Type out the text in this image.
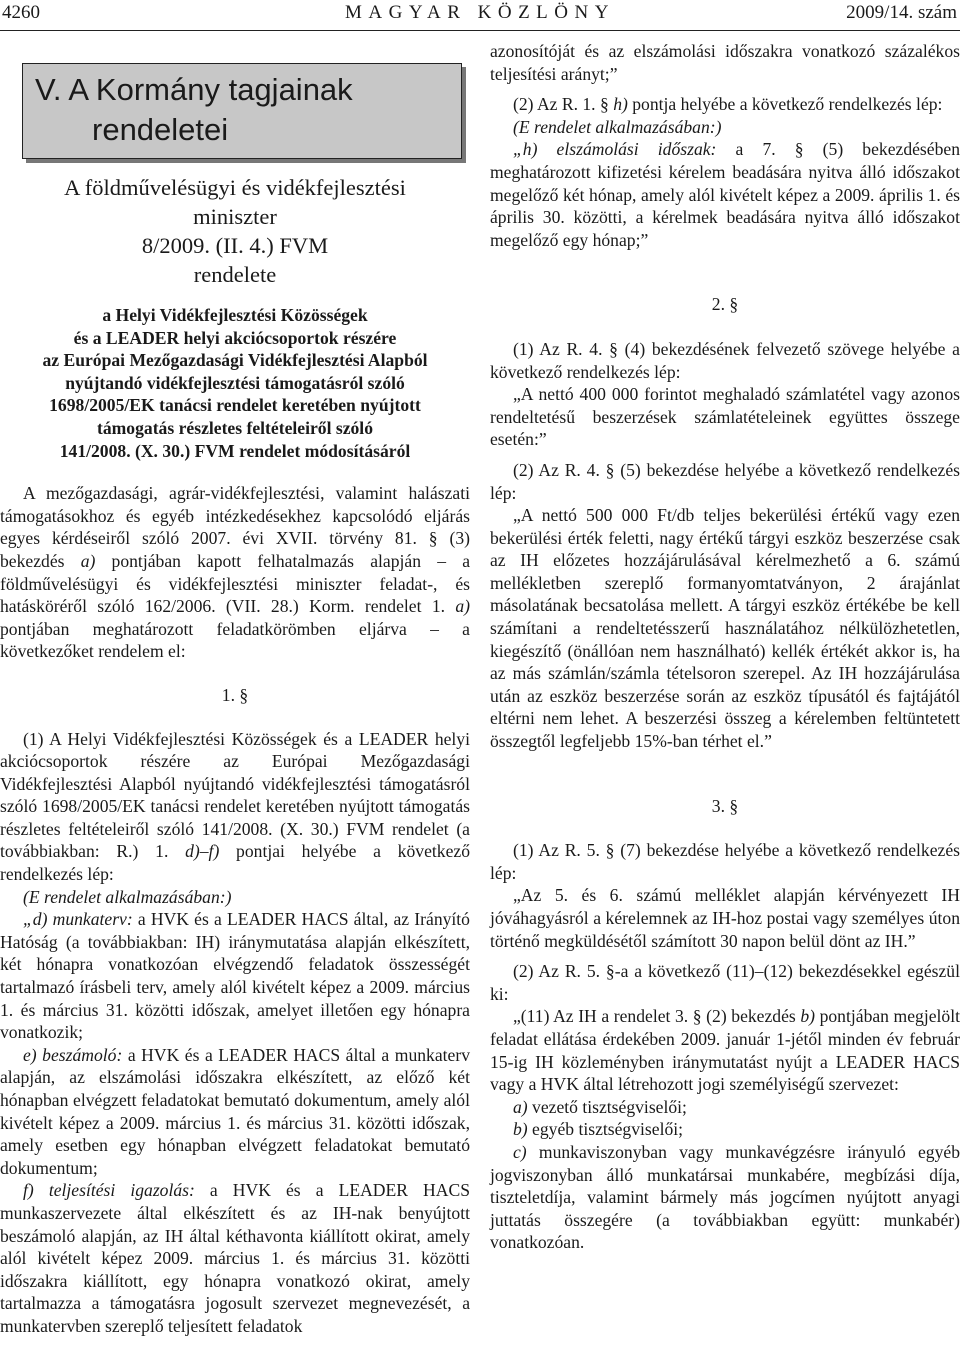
4260	MAGYAR KÖZLÖNY	2009/14. szám
V. A Kormány tagjainak
rendeletei
A földművelésügyi és vidékfejlesztési
miniszter
8/2009. (II. 4.) FVM
rendelete
a Helyi Vidékfejlesztési Közösségek
és a LEADER helyi akciócsoportok részére
az Európai Mezőgazdasági Vidékfejlesztési Alapból
nyújtandó vidékfejlesztési támogatásról szóló
1698/2005/EK tanácsi rendelet keretében nyújtott
támogatás részletes feltételeiről szóló
141/2008. (X. 30.) FVM rendelet módosításáról

A mezőgazdasági, agrár-vidékfejlesztési, valamint halászati támogatásokhoz és egyéb intézkedésekhez kapcsolódó eljárás egyes kérdéseiről szóló 2007. évi XVII. törvény 81. § (3) bekezdés a) pontjában kapott felhatalmazás alapján – a földművelésügyi és vidékfejlesztési miniszter feladat-, és hatásköréről szóló 162/2006. (VII. 28.) Korm. rendelet 1. a) pontjában meghatározott feladatkörömben eljárva – a következőket rendelem el:

1. §

(1) A Helyi Vidékfejlesztési Közösségek és a LEADER helyi akciócsoportok részére az Európai Mezőgazdasági Vidékfejlesztési Alapból nyújtandó vidékfejlesztési támogatásról szóló 1698/2005/EK tanácsi rendelet keretében nyújtott támogatás részletes feltételeiről szóló 141/2008. (X. 30.) FVM rendelet (a továbbiakban: R.) 1. d)–f) pontjai helyébe a következő rendelkezés lép:

(E rendelet alkalmazásában:)

„d) munkaterv: a HVK és a LEADER HACS által, az Irányító Hatóság (a továbbiakban: IH) iránymutatása alapján elkészített, két hónapra vonatkozóan elvégzendő feladatok összességét tartalmazó írásbeli terv, amely alól kivételt képez a 2009. március 1. és március 31. közötti időszak, amelyet illetően egy hónapra vonatkozik;

e) beszámoló: a HVK és a LEADER HACS által a munkaterv alapján, az elszámolási időszakra elkészített, az előző két hónapban elvégzett feladatokat bemutató dokumentum, amely alól kivételt képez a 2009. március 1. és március 31. közötti időszak, amely esetben egy hónapban elvégzett feladatokat bemutató dokumentum;

f) teljesítési igazolás: a HVK és a LEADER HACS munkaszervezete által elkészített és az IH-nak benyújtott beszámoló alapján, az IH által kéthavonta kiállított okirat, amely alól kivételt képez 2009. március 1. és március 31. közötti időszakra kiállított, egy hónapra vonatkozó okirat, amely tartalmazza a támogatásra jogosult szervezet megnevezését, a munkatervben szereplő teljesített feladatok

azonosítóját és az elszámolási időszakra vonatkozó százalékos teljesítési arányt;”

(2) Az R. 1. § h) pontja helyébe a következő rendelkezés lép:

(E rendelet alkalmazásában:)

„h) elszámolási időszak: a 7. § (5) bekezdésében meghatározott kifizetési kérelem beadására nyitva álló időszakot megelőző két hónap, amely alól kivételt képez a 2009. április 1. és április 30. közötti, a kérelmek beadására nyitva álló időszakot megelőző egy hónap;”

2. §

(1) Az R. 4. § (4) bekezdésének felvezető szövege helyébe a következő rendelkezés lép:

„A nettó 400 000 forintot meghaladó számlatétel vagy azonos rendeltetésű beszerzések számlatételeinek együttes összege esetén:”

(2) Az R. 4. § (5) bekezdése helyébe a következő rendelkezés lép:

„A nettó 500 000 Ft/db teljes bekerülési értékű vagy ezen bekerülési érték feletti, nagy értékű tárgyi eszköz beszerzése csak az IH előzetes hozzájárulásával kérelmezhető a 6. számú mellékletben szereplő formanyomtatványon, 2 árajánlat másolatának becsatolása mellett. A tárgyi eszköz értékébe be kell számítani a rendeltetésszerű használatához nélkülözhetetlen, kiegészítő (önállóan nem használható) kellék értékét akkor is, ha az más számlán/számla tételsoron szerepel. Az IH hozzájárulása után az eszköz beszerzése során az eszköz típusától és fajtájától eltérni nem lehet. A beszerzési összeg a kérelemben feltüntetett összegtől legfeljebb 15%-ban térhet el.”

3. §

(1) Az R. 5. § (7) bekezdése helyébe a következő rendelkezés lép:

„Az 5. és 6. számú melléklet alapján kérvényezett IH jóváhagyásról a kérelemnek az IH-hoz postai vagy személyes úton történő megküldésétől számított 30 napon belül dönt az IH.”

(2) Az R. 5. §-a a következő (11)–(12) bekezdésekkel egészül ki:

„(11) Az IH a rendelet 3. § (2) bekezdés b) pontjában megjelölt feladat ellátása érdekében 2009. január 1-jétől minden év február 15-ig IH közleményben iránymutatást nyújt a LEADER HACS vagy a HVK által létrehozott jogi személyiségű szervezet:

a) vezető tisztségviselői;

b) egyéb tisztségviselői;

c) munkaviszonyban vagy munkavégzésre irányuló egyéb jogviszonyban álló munkatársai munkabére, megbízási díja, tiszteletdíja, valamint bármely más jogcímen nyújtott anyagi juttatás összegére (a továbbiakban együtt: munkabér) vonatkozóan.
